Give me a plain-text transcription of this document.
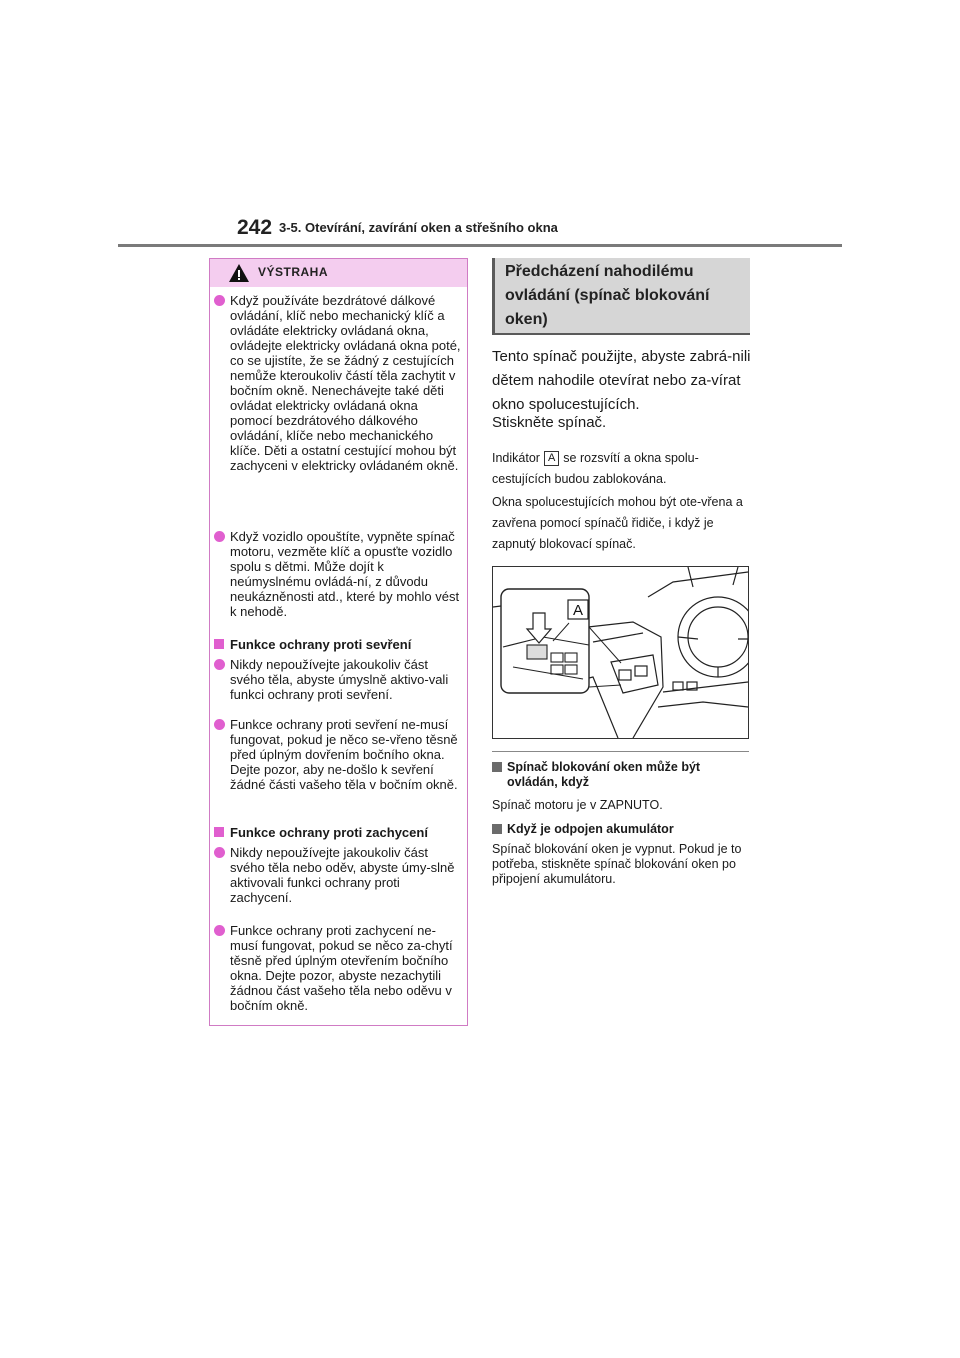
242 3-5. Otevírání, zavírání oken a střešního okna
VÝSTRAHA
Když používáte bezdrátové dálkové ovládání, klíč nebo mechanický klíč a ovládáte elektricky ovládaná okna, ovládejte elektricky ovládaná okna poté, co se ujistíte, že se žádný z cestujících nemůže kteroukoliv částí těla zachytit v bočním okně. Nenechávejte také děti ovládat elektricky ovládaná okna pomocí bezdrátového dálkového ovládání, klíče nebo mechanického klíče. Děti a ostatní cestující mohou být zachyceni v elektricky ovládaném okně.
Když vozidlo opouštíte, vypněte spínač motoru, vezměte klíč a opusťte vozidlo spolu s dětmi. Může dojít k neúmyslnému ovládá-ní, z důvodu neukázněnosti atd., které by mohlo vést k nehodě.
Funkce ochrany proti sevření
Nikdy nepoužívejte jakoukoliv část svého těla, abyste úmyslně aktivo-vali funkci ochrany proti sevření.
Funkce ochrany proti sevření ne-musí fungovat, pokud je něco se-vřeno těsně před úplným dovřením bočního okna. Dejte pozor, aby ne-došlo k sevření žádné části vašeho těla v bočním okně.
Funkce ochrany proti zachycení
Nikdy nepoužívejte jakoukoliv část svého těla nebo oděv, abyste úmy-slně aktivovali funkci ochrany proti zachycení.
Funkce ochrany proti zachycení ne-musí fungovat, pokud se něco za-chytí těsně před úplným otevřením bočního okna. Dejte pozor, abyste nezachytili žádnou část vašeho těla nebo oděvu v bočním okně.
Předcházení nahodilému ovládání (spínač blokování oken)
Tento spínač použijte, abyste zabrá-nili dětem nahodile otevírat nebo za-vírat okno spolucestujících.
Stiskněte spínač.
Indikátor A se rozsvítí a okna spolu-cestujících budou zablokována.
Okna spolucestujících mohou být ote-vřena a zavřena pomocí spínačů řidiče, i když je zapnutý blokovací spínač.
A
Spínač blokování oken může být ovládán, když
Spínač motoru je v ZAPNUTO.
Když je odpojen akumulátor
Spínač blokování oken je vypnut. Pokud je to potřeba, stiskněte spínač blokování oken po připojení akumulátoru.
